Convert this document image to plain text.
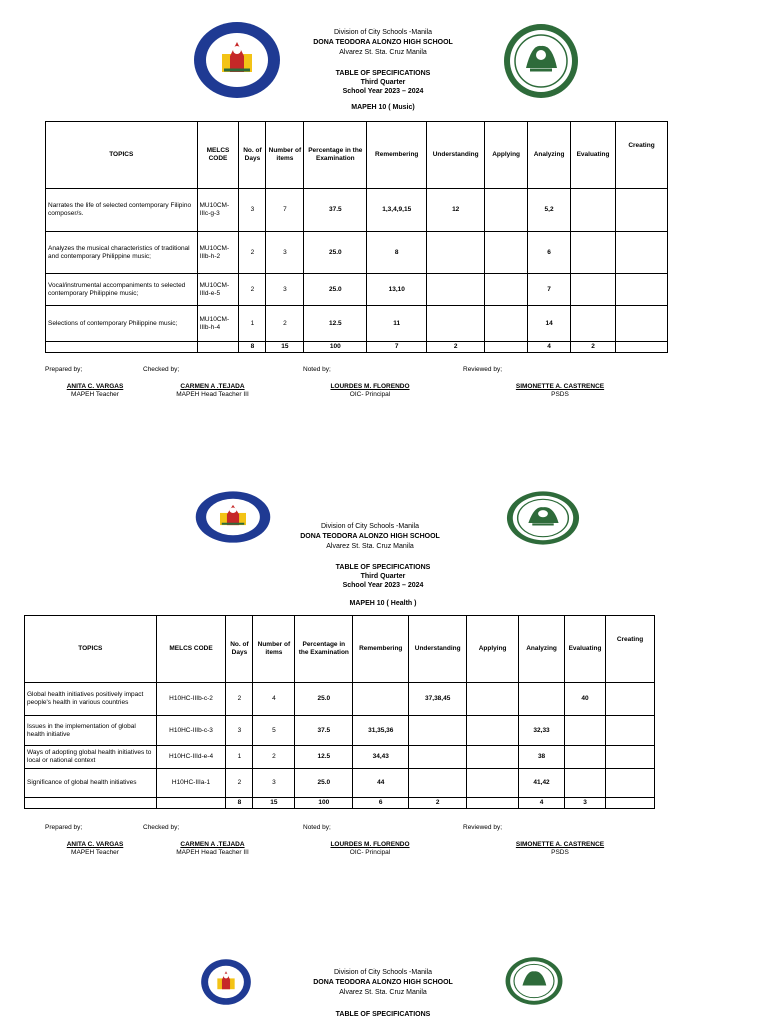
Division of City Schools -Manila
DONA TEODORA ALONZO HIGH SCHOOL
Alvarez St. Sta. Cruz Manila
TABLE OF SPECIFICATIONS
Third Quarter
School Year 2023 – 2024
MAPEH 10 ( Music)
TOPICS	MELCS CODE	No. of Days	Number of items	Percentage in the Examination	Remembering	Understanding	Applying	Analyzing	Evaluating	Creating
Narrates the life of selected contemporary Filipino composer/s.	MU10CM-IIIc-g-3	3	7	37.5	1,3,4,9,15	12		5,2		
Analyzes the musical characteristics of traditional and contemporary Philippine music;	MU10CM-IIIb-h-2	2	3	25.0	8			6		
Vocal/instrumental accompaniments to selected contemporary Philippine music;	MU10CM-IIId-e-5	2	3	25.0	13,10			7		
Selections of contemporary Philippine music;	MU10CM-IIIb-h-4	1	2	12.5	11			14		
		8	15	100	7	2		4	2	
Prepared by;	Checked by;	Noted by;	Reviewed by;
ANITA C. VARGAS
MAPEH Teacher
CARMEN A .TEJADA
MAPEH Head Teacher III
LOURDES M. FLORENDO
OIC- Principal
SIMONETTE A. CASTRENCE
PSDS
Division of City Schools -Manila
DONA TEODORA ALONZO HIGH SCHOOL
Alvarez St. Sta. Cruz Manila
TABLE OF SPECIFICATIONS
Third Quarter
School Year 2023 – 2024
MAPEH 10 ( Health )
TOPICS	MELCS CODE	No. of Days	Number of items	Percentage in the Examination	Remembering	Understanding	Applying	Analyzing	Evaluating	Creating
Global health initiatives positively impact people's health in various countries	H10HC-IIIb-c-2	2	4	25.0		37,38,45			40	
Issues in the implementation of global health initiative	H10HC-IIIb-c-3	3	5	37.5	31,35,36			32,33		
Ways of adopting global health initiatives to local or national context	H10HC-IIId-e-4	1	2	12.5	34,43			38		
Significance of global health initiatives	H10HC-IIIa-1	2	3	25.0	44			41,42		
		8	15	100	6	2		4	3	
Prepared by;	Checked by;	Noted by;	Reviewed by;
ANITA C. VARGAS
MAPEH Teacher
CARMEN A .TEJADA
MAPEH Head Teacher III
LOURDES M. FLORENDO
OIC- Principal
SIMONETTE A. CASTRENCE
PSDS
Division of City Schools -Manila
DONA TEODORA ALONZO HIGH SCHOOL
Alvarez St. Sta. Cruz Manila
TABLE OF SPECIFICATIONS
